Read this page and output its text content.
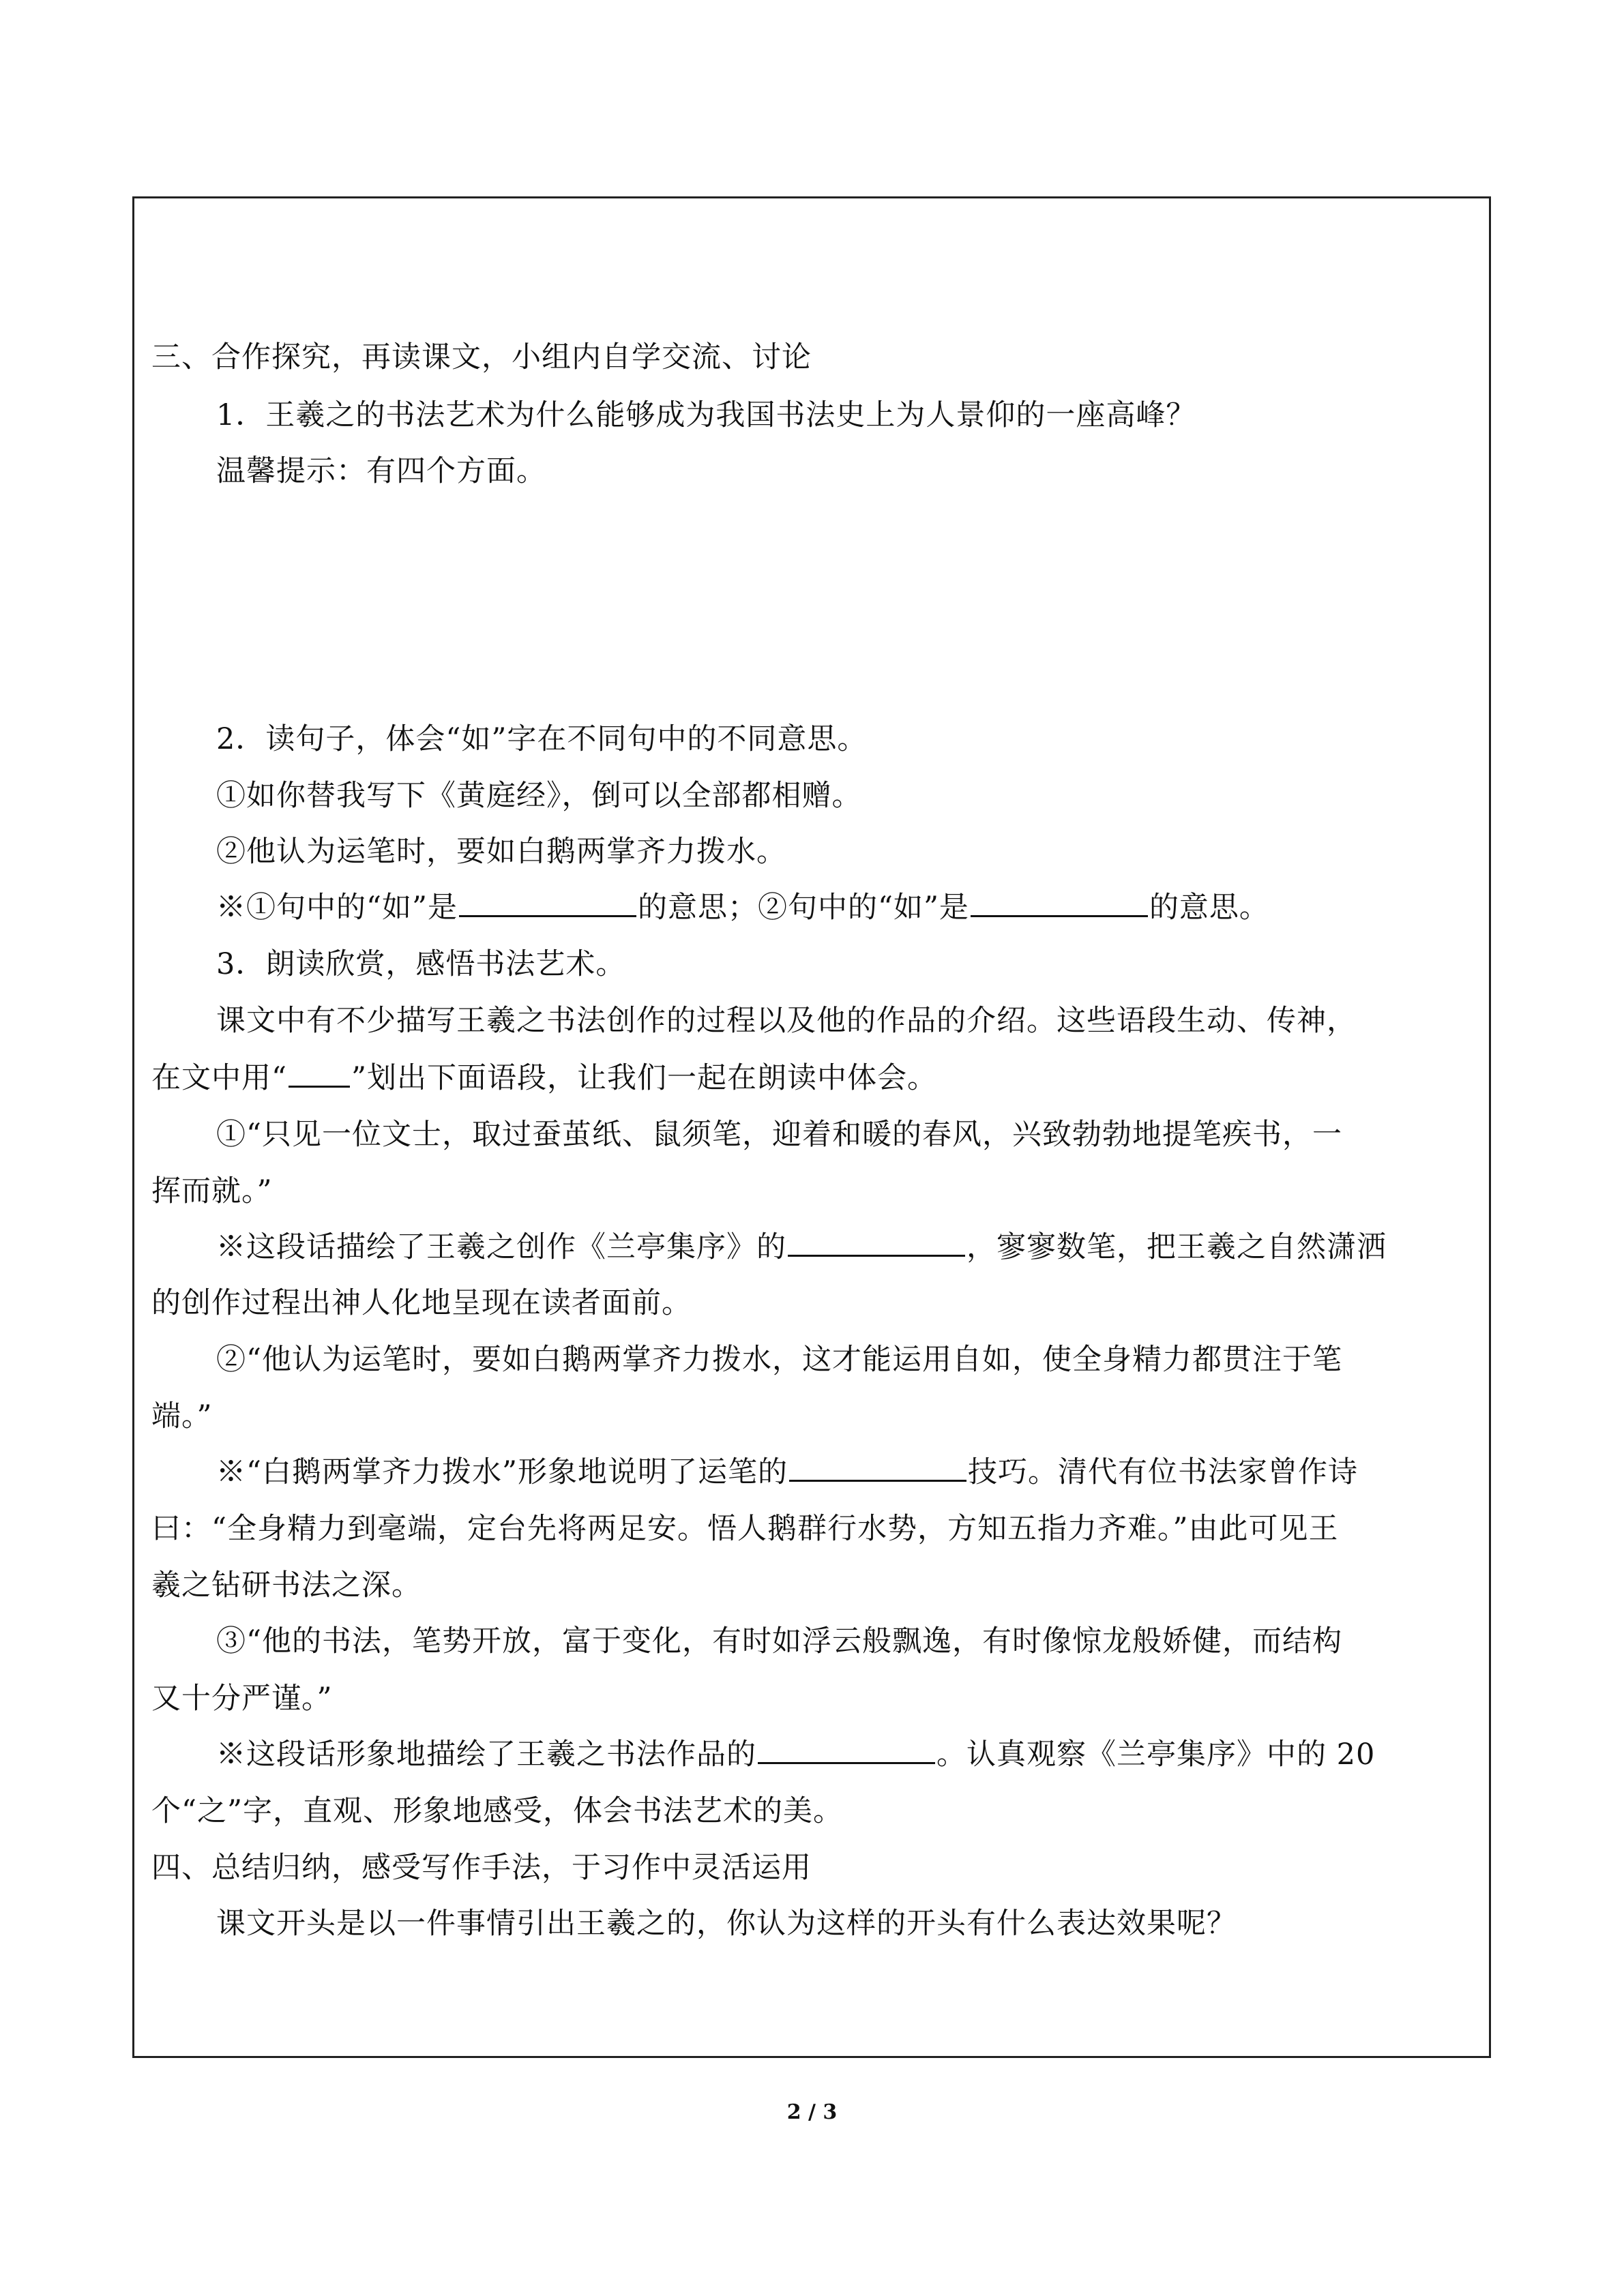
三、合作探究，再读课文，小组内自学交流、讨论
1．王羲之的书法艺术为什么能够成为我国书法史上为人景仰的一座高峰？
温馨提示：有四个方面。
2．读句子，体会“如”字在不同句中的不同意思。
①如你替我写下《黄庭经》，倒可以全部都相赠。
②他认为运笔时，要如白鹅两掌齐力拨水。
※①句中的“如”是	的意思；②句中的“如”是	的意思。
3．朗读欣赏，感悟书法艺术。
课文中有不少描写王羲之书法创作的过程以及他的作品的介绍。这些语段生动、传神，
在文中用“ ”划出下面语段，让我们一起在朗读中体会。
①“只见一位文士，取过蚕茧纸、鼠须笔，迎着和暖的春风，兴致勃勃地提笔疾书，一
挥而就。”
※这段话描绘了王羲之创作《兰亭集序》的	，寥寥数笔，把王羲之自然潇洒
的创作过程出神人化地呈现在读者面前。
②“他认为运笔时，要如白鹅两掌齐力拨水，这才能运用自如，使全身精力都贯注于笔
端。”
※“白鹅两掌齐力拨水”形象地说明了运笔的	技巧。清代有位书法家曾作诗
曰：“全身精力到毫端，定台先将两足安。悟人鹅群行水势，方知五指力齐难。”由此可见王
羲之钻研书法之深。
③“他的书法，笔势开放，富于变化，有时如浮云般飘逸，有时像惊龙般娇健，而结构
又十分严谨。”
※这段话形象地描绘了王羲之书法作品的	。认真观察《兰亭集序》中的 20
个“之”字，直观、形象地感受，体会书法艺术的美。
四、总结归纳，感受写作手法，于习作中灵活运用
课文开头是以一件事情引出王羲之的，你认为这样的开头有什么表达效果呢？
2 / 3
